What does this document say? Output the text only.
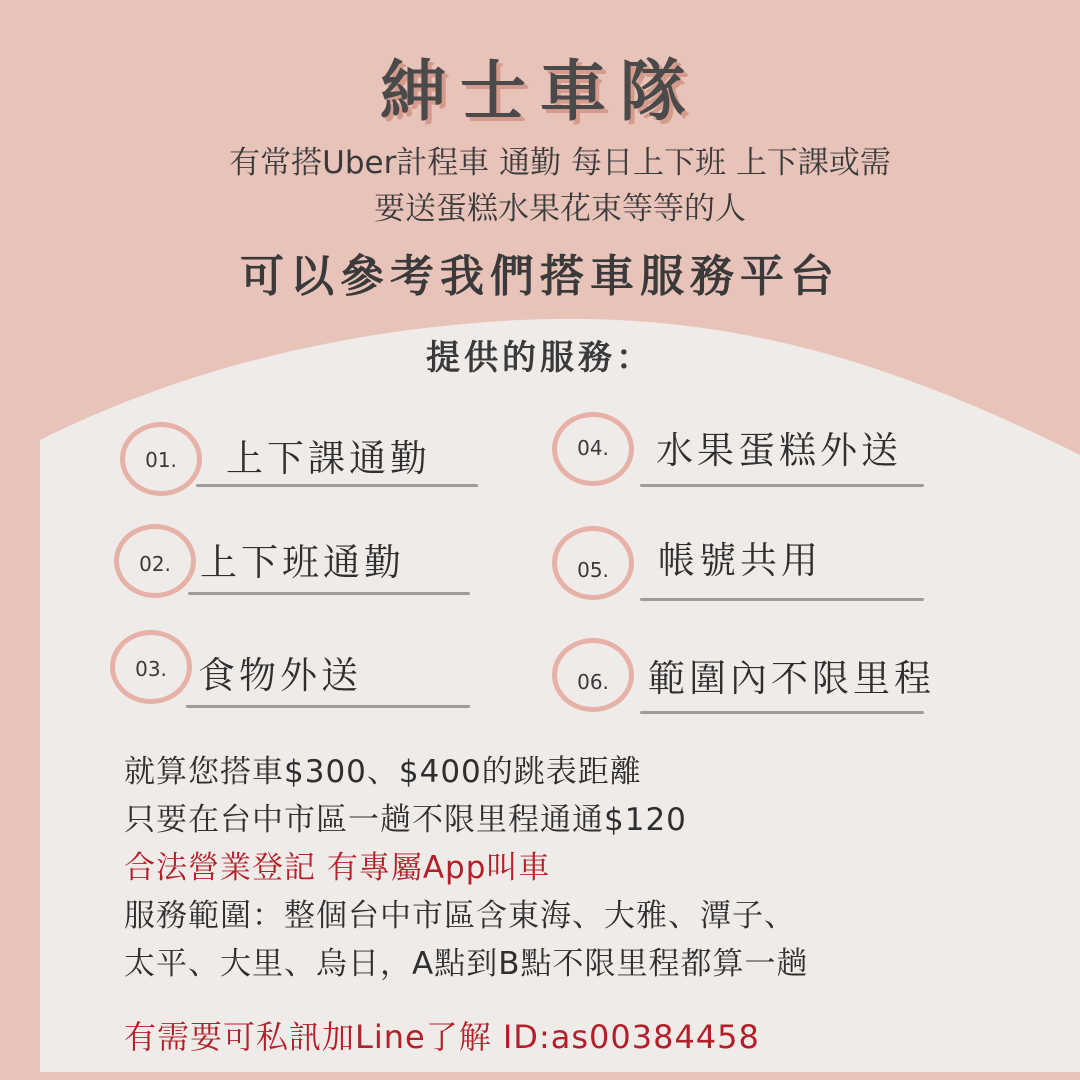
紳士車隊
有常搭Uber計程車 通勤 每日上下班 上下課或需
要送蛋糕水果花束等等的人
可以參考我們搭車服務平台
提供的服務：
01.	上下課通勤
02. 上下班通勤
03. 食物外送
04.	水果蛋糕外送
05.	帳號共用
06.	範圍內不限里程
就算您搭車$300、$400的跳表距離
只要在台中市區一趟不限里程通通$120
合法營業登記 有專屬App叫車
服務範圍：整個台中市區含東海、大雅、潭子、
太平、大里、烏日，A點到B點不限里程都算一趟
有需要可私訊加Line了解 ID:as00384458
